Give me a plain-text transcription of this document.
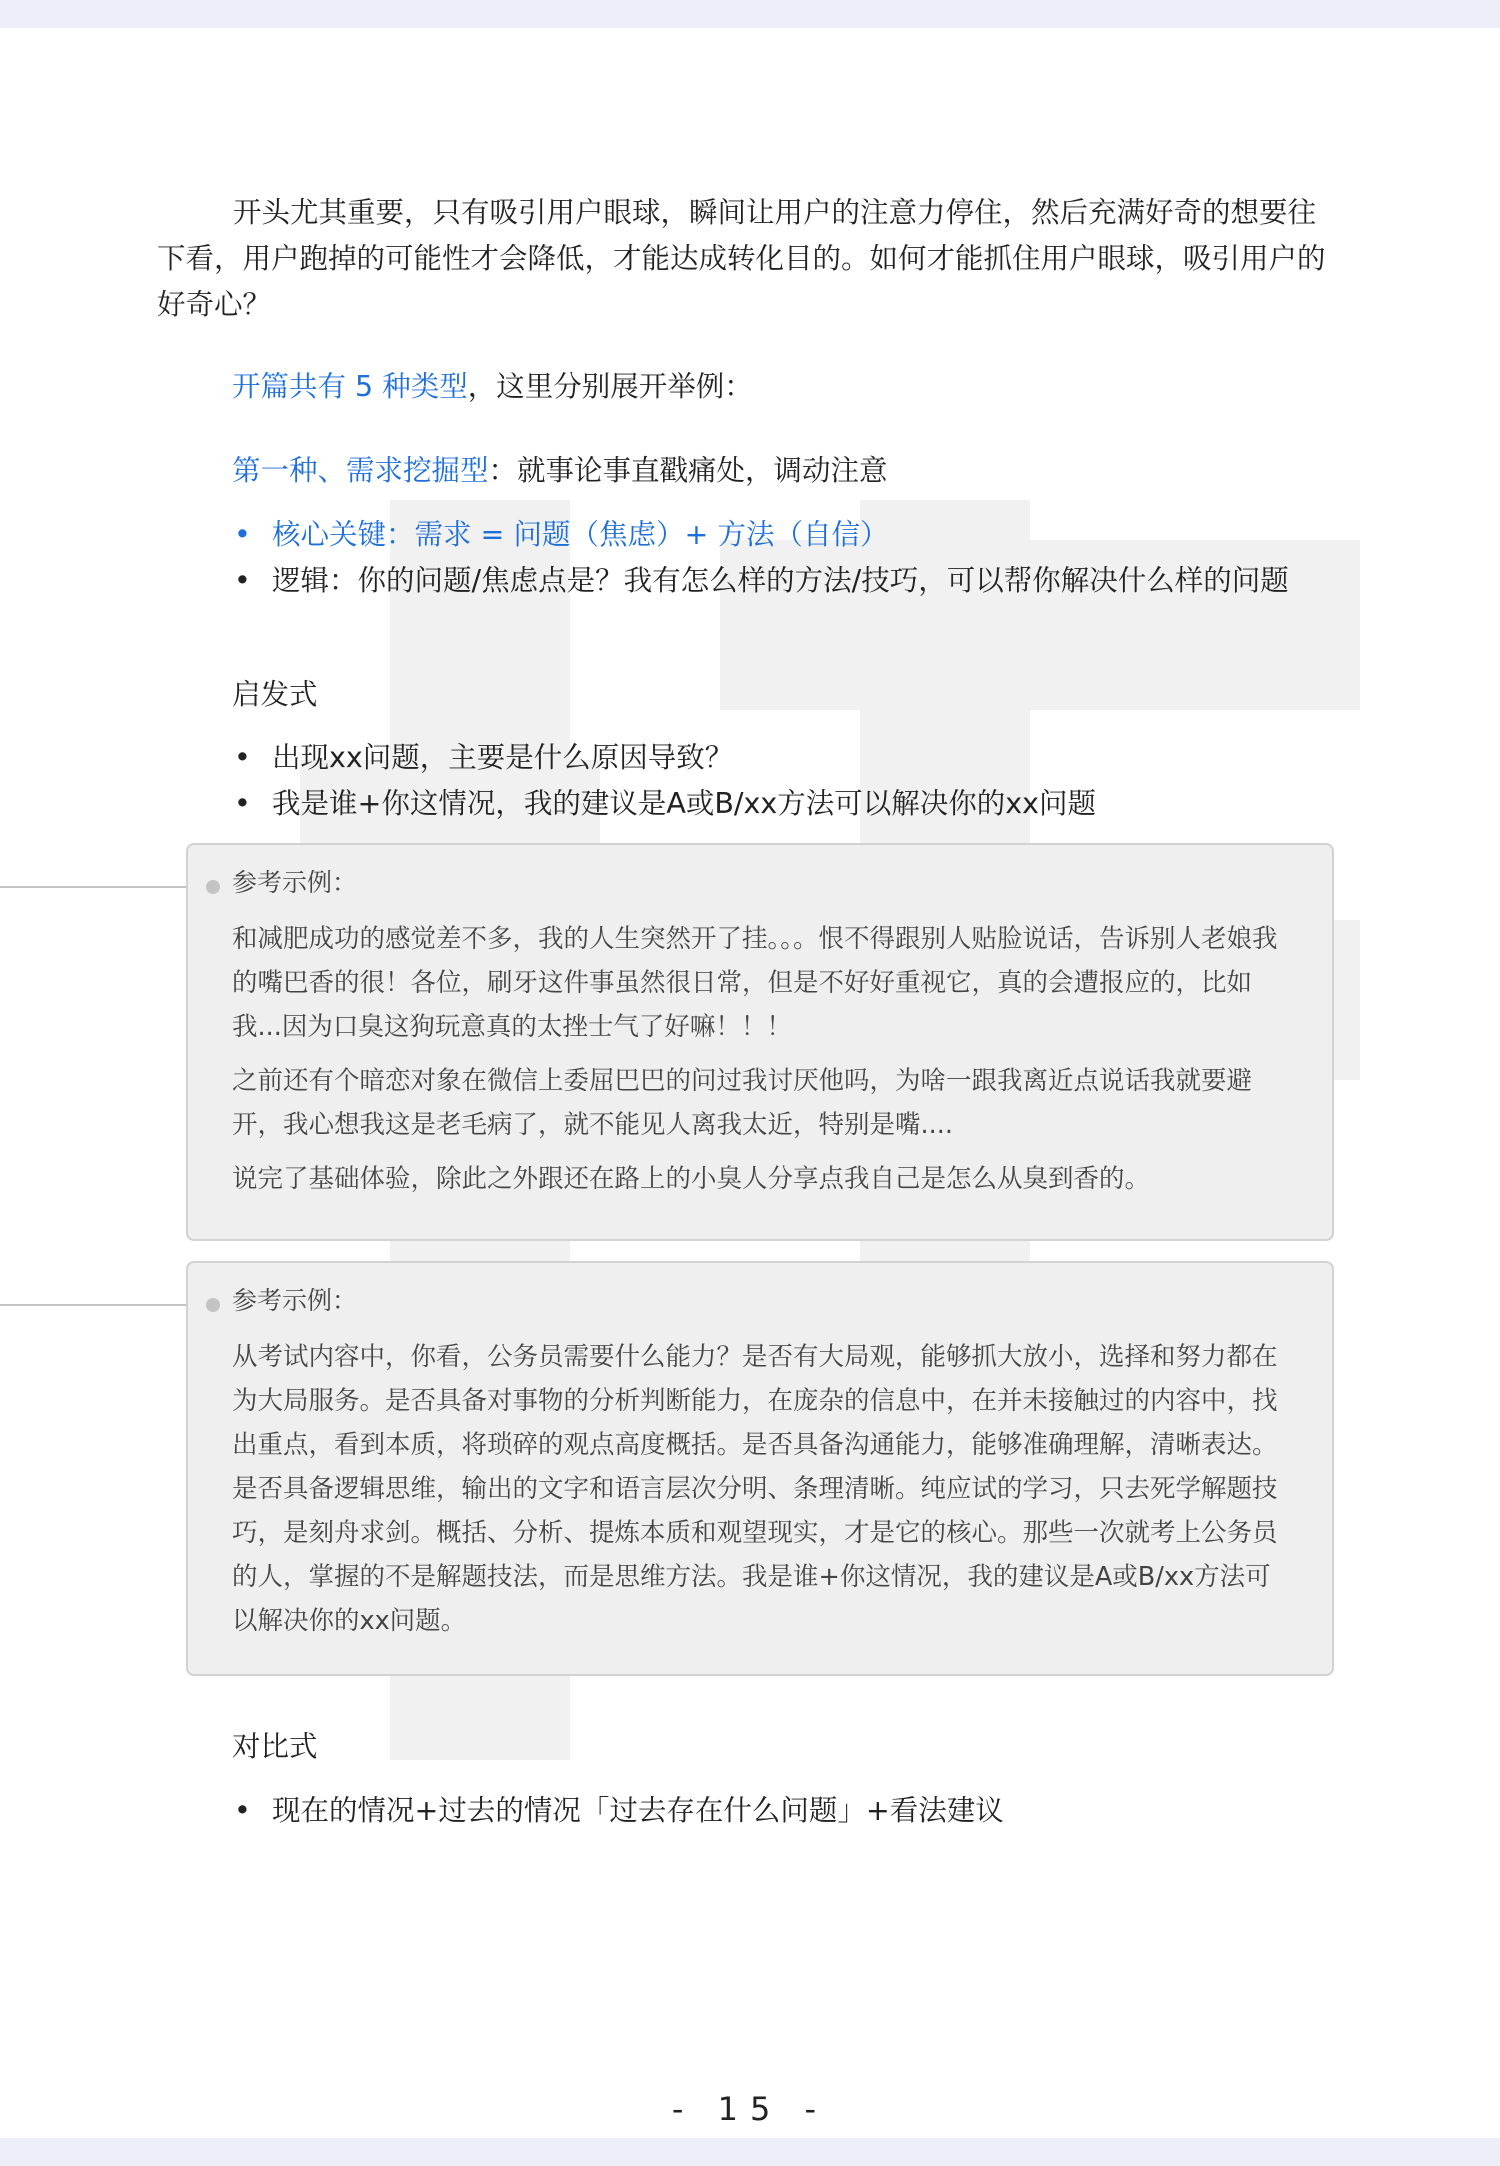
开头尤其重要，只有吸引用户眼球，瞬间让用户的注意力停住，然后充满好奇的想要往下看，用户跑掉的可能性才会降低，才能达成转化目的。如何才能抓住用户眼球，吸引用户的好奇心？

开篇共有 5 种类型，这里分别展开举例：

第一种、需求挖掘型：就事论事直戳痛处，调动注意

• 核心关键：需求 = 问题（焦虑）+ 方法（自信）
• 逻辑：你的问题/焦虑点是？我有怎么样的方法/技巧，可以帮你解决什么样的问题

启发式

• 出现xx问题，主要是什么原因导致？
• 我是谁+你这情况，我的建议是A或B/xx方法可以解决你的xx问题

参考示例：

和减肥成功的感觉差不多，我的人生突然开了挂。。。恨不得跟别人贴脸说话，告诉别人老娘我的嘴巴香的很！各位，刷牙这件事虽然很日常，但是不好好重视它，真的会遭报应的，比如我...因为口臭这狗玩意真的太挫士气了好嘛！！！

之前还有个暗恋对象在微信上委屈巴巴的问过我讨厌他吗，为啥一跟我离近点说话我就要避开，我心想我这是老毛病了，就不能见人离我太近，特别是嘴....

说完了基础体验，除此之外跟还在路上的小臭人分享点我自己是怎么从臭到香的。

参考示例：

从考试内容中，你看，公务员需要什么能力？是否有大局观，能够抓大放小，选择和努力都在为大局服务。是否具备对事物的分析判断能力，在庞杂的信息中，在并未接触过的内容中，找出重点，看到本质，将琐碎的观点高度概括。是否具备沟通能力，能够准确理解，清晰表达。是否具备逻辑思维，输出的文字和语言层次分明、条理清晰。纯应试的学习，只去死学解题技巧，是刻舟求剑。概括、分析、提炼本质和观望现实，才是它的核心。那些一次就考上公务员的人，掌握的不是解题技法，而是思维方法。我是谁+你这情况，我的建议是A或B/xx方法可以解决你的xx问题。

对比式

• 现在的情况+过去的情况「过去存在什么问题」+看法建议
- 15 -
